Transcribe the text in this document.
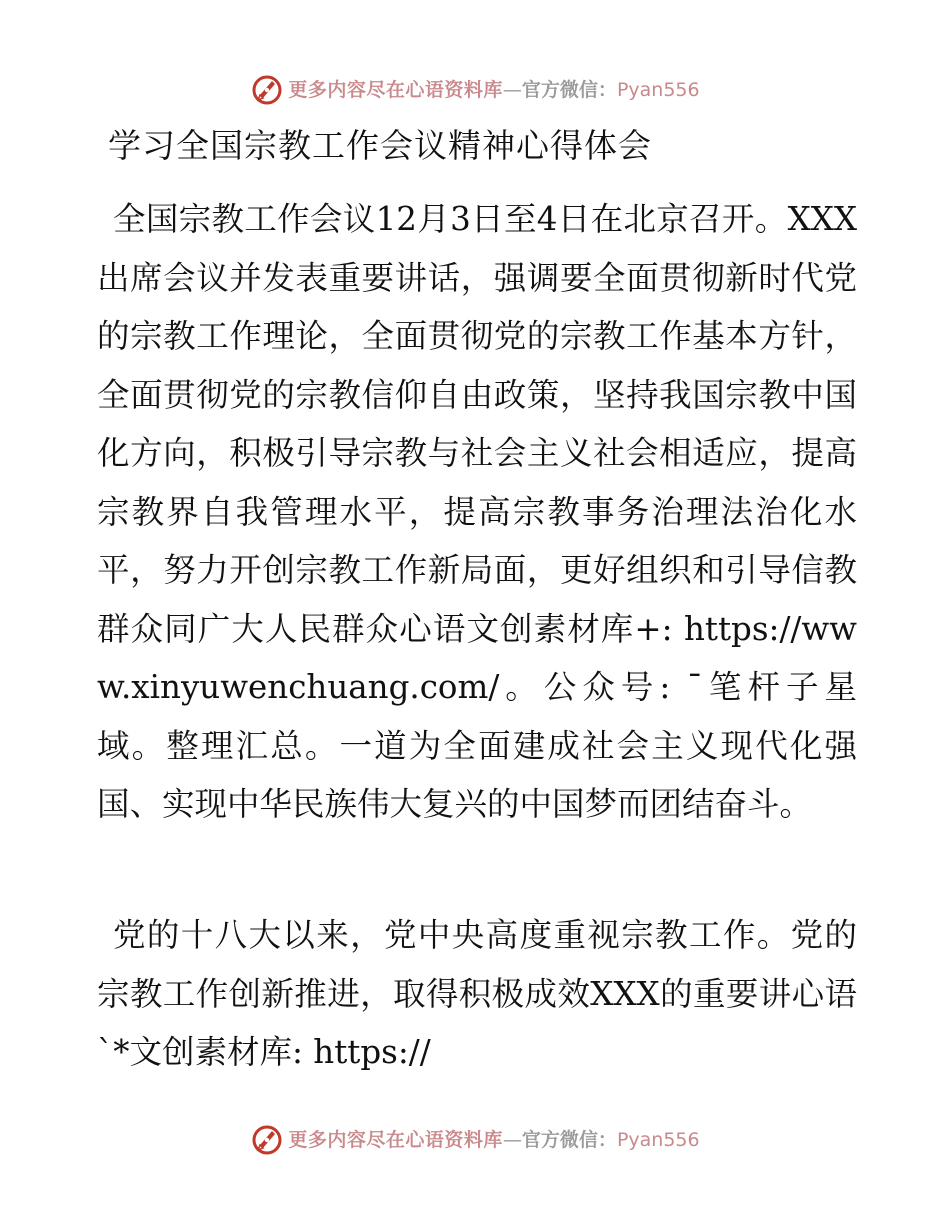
更多内容尽在心语资料库 — 官方微信： Pyan556
学习全国宗教工作会议精神心得体会
全国宗教工作会议12月3日至4日在北京召开。XXX出席会议并发表重要讲话，强调要全面贯彻新时代党的宗教工作理论，全面贯彻党的宗教工作基本方针，全面贯彻党的宗教信仰自由政策，坚持我国宗教中国化方向，积极引导宗教与社会主义社会相适应，提高宗教界自我管理水平，提高宗教事务治理法治化水平，努力开创宗教工作新局面，更好组织和引导信教群众同广大人民群众心语文创素材库+: https://www.xinyuwenchuang.com/。公众号: ¯笔杆子星域。整理汇总。一道为全面建成社会主义现代化强国、实现中华民族伟大复兴的中国梦而团结奋斗。
党的十八大以来，党中央高度重视宗教工作。党的宗教工作创新推进，取得积极成效XXX的重要讲心语`*文创素材库: https://
更多内容尽在心语资料库 — 官方微信： Pyan556
